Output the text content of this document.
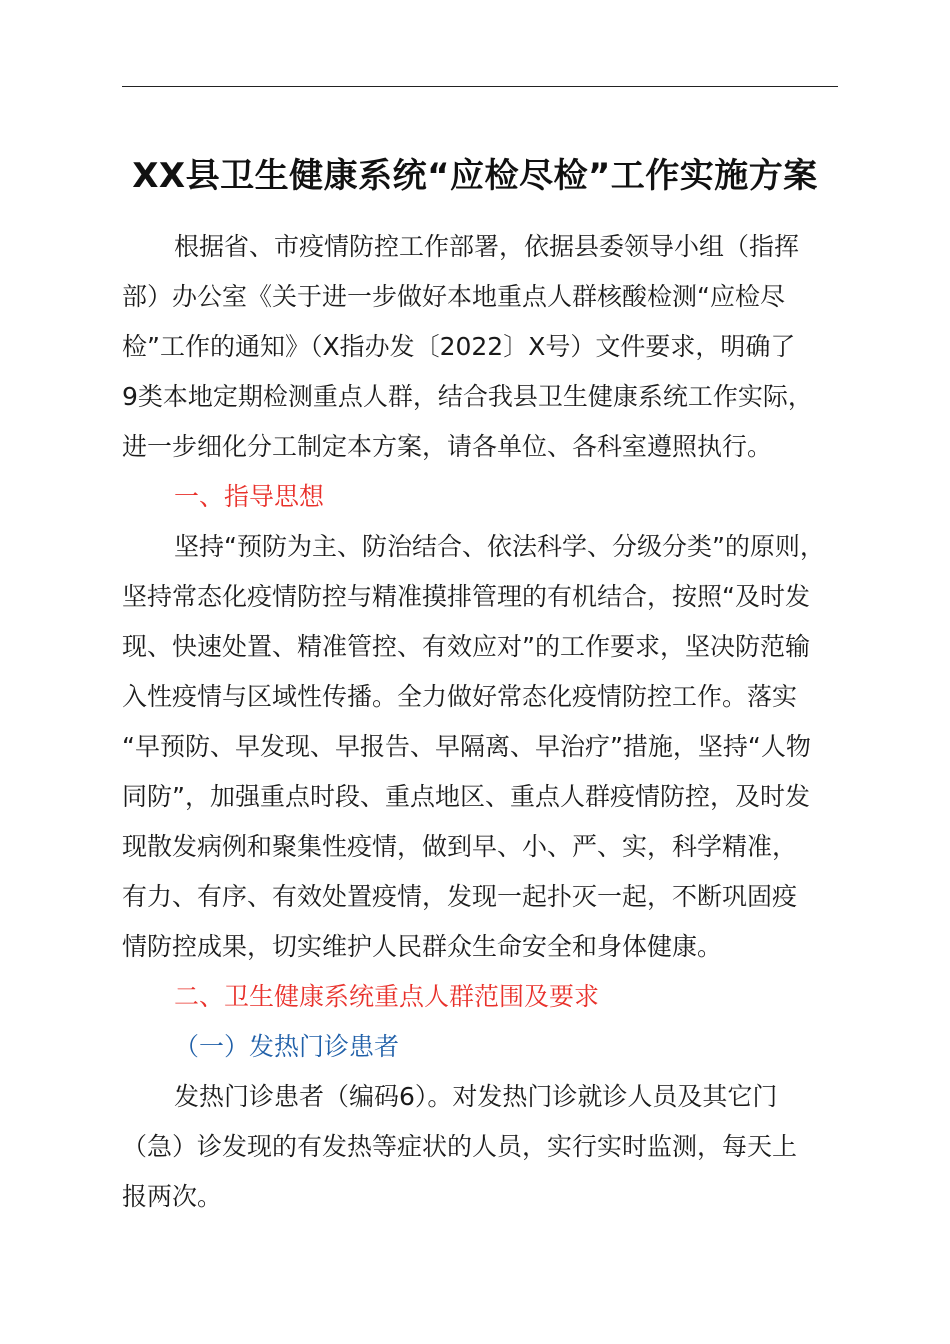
XX县卫生健康系统“应检尽检”工作实施方案
根据省、市疫情防控工作部署，依据县委领导小组（指挥
部）办公室《关于进一步做好本地重点人群核酸检测“应检尽
检”工作的通知》（X指办发〔2022〕X号）文件要求，明确了
9类本地定期检测重点人群，结合我县卫生健康系统工作实际，
进一步细化分工制定本方案，请各单位、各科室遵照执行。
一、指导思想
坚持“预防为主、防治结合、依法科学、分级分类”的原则，
坚持常态化疫情防控与精准摸排管理的有机结合，按照“及时发
现、快速处置、精准管控、有效应对”的工作要求，坚决防范输
入性疫情与区域性传播。全力做好常态化疫情防控工作。落实
“早预防、早发现、早报告、早隔离、早治疗”措施，坚持“人物
同防”，加强重点时段、重点地区、重点人群疫情防控，及时发
现散发病例和聚集性疫情，做到早、小、严、实，科学精准，
有力、有序、有效处置疫情，发现一起扑灭一起，不断巩固疫
情防控成果，切实维护人民群众生命安全和身体健康。
二、卫生健康系统重点人群范围及要求
（一）发热门诊患者
发热门诊患者（编码6）。对发热门诊就诊人员及其它门
（急）诊发现的有发热等症状的人员，实行实时监测，每天上
报两次。
